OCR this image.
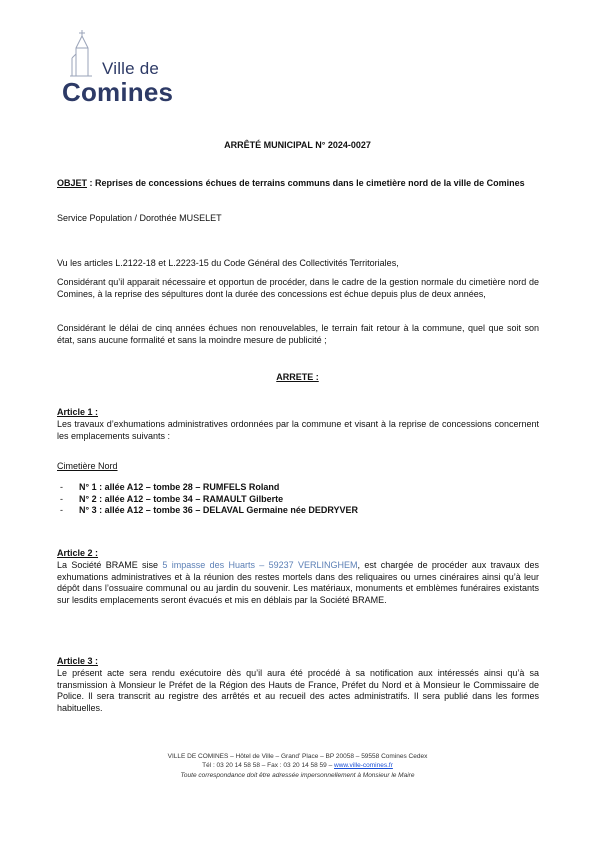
Ville de
Comines
ARRÊTÉ MUNICIPAL N° 2024-0027
OBJET : Reprises de concessions échues de terrains communs dans le cimetière nord de la ville de Comines
Service Population / Dorothée MUSELET
Vu les articles L.2122-18 et L.2223-15 du Code Général des Collectivités Territoriales,
Considérant qu’il apparait nécessaire et opportun de procéder, dans le cadre de la gestion normale du cimetière nord de Comines, à la reprise des sépultures dont la durée des concessions est échue depuis plus de deux années,
Considérant le délai de cinq années échues non renouvelables, le terrain fait retour à la commune, quel que soit son état, sans aucune formalité et sans la moindre mesure de publicité ;
ARRETE :
Article 1 :
Les travaux d’exhumations administratives ordonnées par la commune et visant à la reprise de concessions concernent les emplacements suivants :
Cimetière Nord
-	N° 1 : allée A12 – tombe 28 – RUMFELS Roland
-	N° 2 : allée A12 – tombe 34 – RAMAULT Gilberte
-	N° 3 : allée A12 – tombe 36 – DELAVAL Germaine née DEDRYVER
Article 2 :
La Société BRAME sise 5 impasse des Huarts – 59237 VERLINGHEM, est chargée de procéder aux travaux des exhumations administratives et à la réunion des restes mortels dans des reliquaires ou urnes cinéraires ainsi qu’à leur dépôt dans l’ossuaire communal ou au jardin du souvenir. Les matériaux, monuments et emblèmes funéraires existants sur lesdits emplacements seront évacués et mis en déblais par la Société BRAME.
Article 3 :
Le présent acte sera rendu exécutoire dès qu’il aura été procédé à sa notification aux intéressés ainsi qu’à sa transmission à Monsieur le Préfet de la Région des Hauts de France, Préfet du Nord et à Monsieur le Commissaire de Police. Il sera transcrit au registre des arrêtés et au recueil des actes administratifs. Il sera publié dans les formes habituelles.
VILLE DE COMINES – Hôtel de Ville – Grand’ Place – BP 20058 – 59558 Comines Cedex
Tél : 03 20 14 58 58 – Fax : 03 20 14 58 59 – www.ville-comines.fr
Toute correspondance doit être adressée impersonnellement à Monsieur le Maire
